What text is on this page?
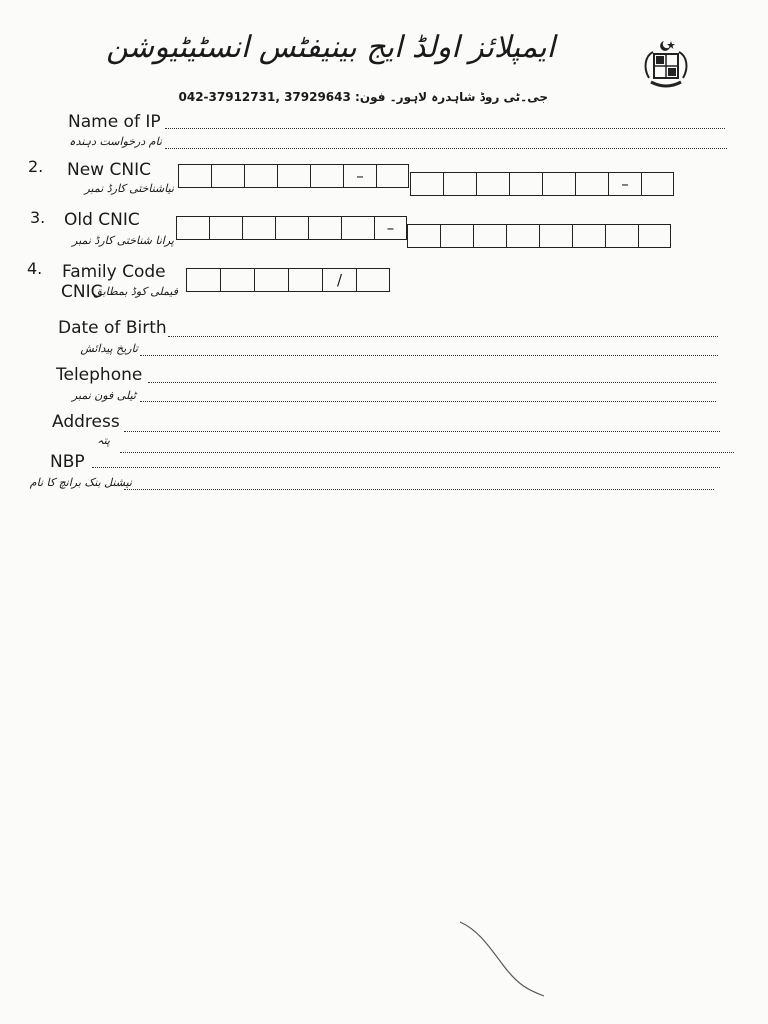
ایمپلائز اولڈ ایج بینیفٹس انسٹیٹیوشن
جی۔ٹی روڈ شاہدرہ لاہور۔ فون: 042-37912731, 37929643
Name of IP
نام درخواست دہندہ
2. New CNIC
نیاشناختی کارڈ نمبر
–	–
3. Old CNIC
پرانا شناختی کارڈ نمبر
–
4. Family Code
CNIC
فیملی کوڈ بمطابق
/
Date of Birth
تاریخ پیدائش
Telephone
ٹیلی فون نمبر
Address
پتہ
NBP
نیشنل بنک برانچ کا نام
